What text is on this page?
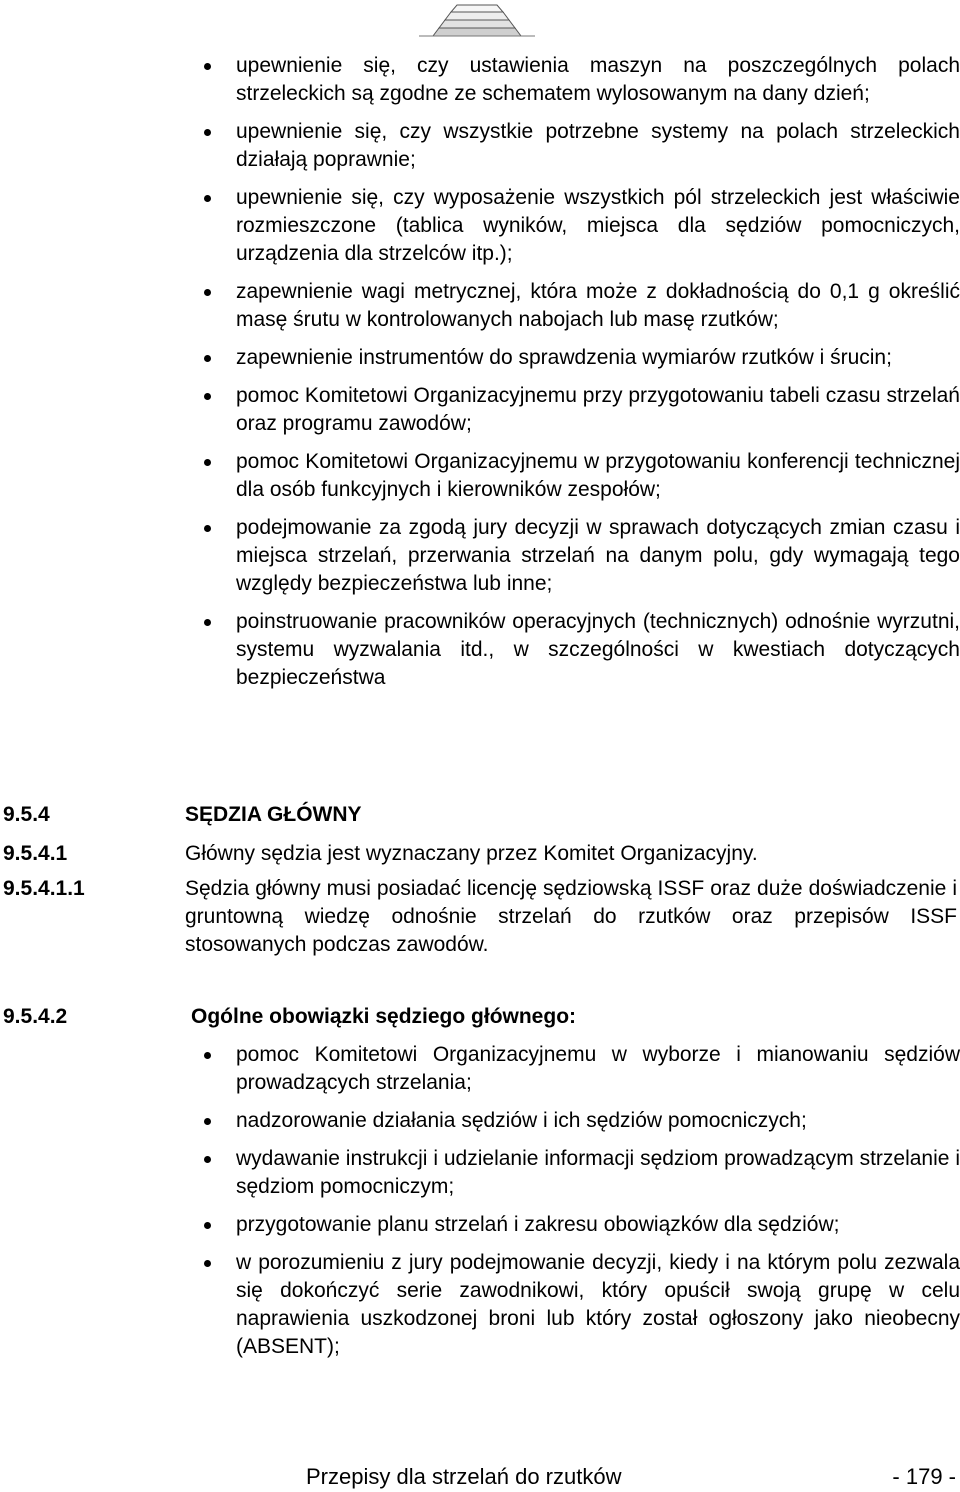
upewnienie się, czy ustawienia maszyn na poszczególnych polach strzeleckich są zgodne ze schematem wylosowanym na dany dzień;
upewnienie się, czy wszystkie potrzebne systemy na polach strzeleckich działają poprawnie;
upewnienie się, czy wyposażenie wszystkich pól strzeleckich jest właściwie rozmieszczone (tablica wyników, miejsca dla sędziów pomocniczych, urządzenia dla strzelców itp.);
zapewnienie wagi metrycznej, która może z dokładnością do 0,1 g określić masę śrutu w kontrolowanych nabojach lub masę rzutków;
zapewnienie instrumentów do sprawdzenia wymiarów rzutków i śrucin;
pomoc Komitetowi Organizacyjnemu przy przygotowaniu tabeli czasu strzelań oraz programu zawodów;
pomoc Komitetowi Organizacyjnemu w przygotowaniu konferencji technicznej dla osób funkcyjnych i kierowników zespołów;
podejmowanie za zgodą jury decyzji w sprawach dotyczących zmian czasu i miejsca strzelań, przerwania strzelań na danym polu, gdy wymagają tego względy bezpieczeństwa lub inne;
poinstruowanie pracowników operacyjnych (technicznych) odnośnie wyrzutni, systemu wyzwalania itd., w szczególności w kwestiach dotyczących bezpieczeństwa
9.5.4	SĘDZIA GŁÓWNY
9.5.4.1	Główny sędzia jest wyznaczany przez Komitet Organizacyjny.
9.5.4.1.1	Sędzia główny musi posiadać licencję sędziowską ISSF oraz duże doświadczenie i gruntowną wiedzę odnośnie strzelań do rzutków oraz przepisów ISSF stosowanych podczas zawodów.
9.5.4.2	Ogólne obowiązki sędziego głównego:
pomoc Komitetowi Organizacyjnemu w wyborze i mianowaniu sędziów prowadzących strzelania;
nadzorowanie działania sędziów i ich sędziów pomocniczych;
wydawanie instrukcji i udzielanie informacji sędziom prowadzącym strzelanie i sędziom pomocniczym;
przygotowanie planu strzelań i zakresu obowiązków dla sędziów;
w porozumieniu z jury podejmowanie decyzji, kiedy i na którym polu zezwala się dokończyć serie zawodnikowi, który opuścił swoją grupę w celu naprawienia uszkodzonej broni lub który został ogłoszony jako nieobecny (ABSENT);
Przepisy dla strzelań do rzutków	- 179 -
